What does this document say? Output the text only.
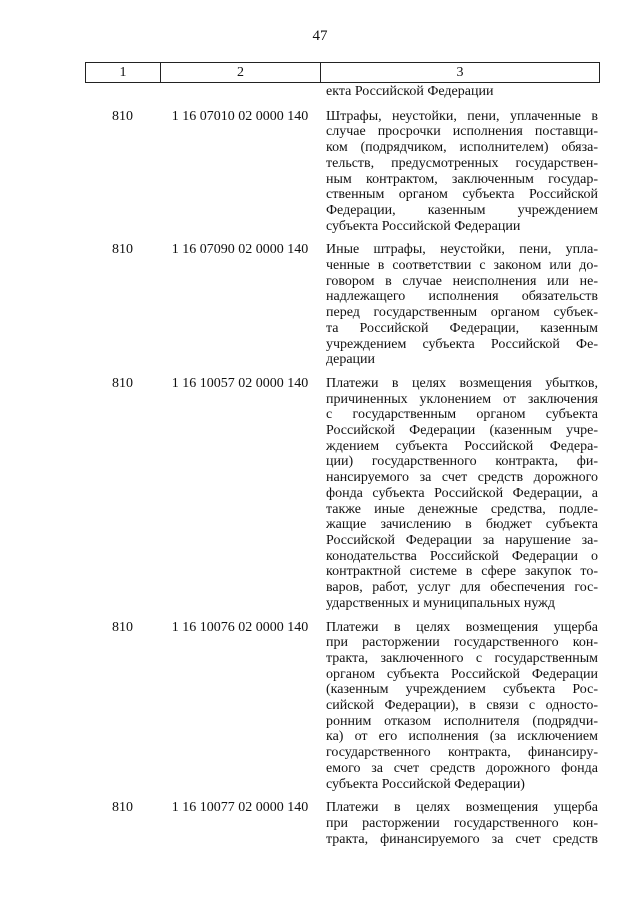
47
1	2	3
екта Российской Федерации
810	1 16 07010 02 0000 140	Штрафы, неустойки, пени, уплаченные в
случае просрочки исполнения поставщи-
ком (подрядчиком, исполнителем) обяза-
тельств, предусмотренных государствен-
ным контрактом, заключенным государ-
ственным органом субъекта Российской
Федерации, казенным учреждением
субъекта Российской Федерации
810	1 16 07090 02 0000 140	Иные штрафы, неустойки, пени, упла-
ченные в соответствии с законом или до-
говором в случае неисполнения или не-
надлежащего исполнения обязательств
перед государственным органом субъек-
та Российской Федерации, казенным
учреждением субъекта Российской Фе-
дерации
810	1 16 10057 02 0000 140	Платежи в целях возмещения убытков,
причиненных уклонением от заключения
с государственным органом субъекта
Российской Федерации (казенным учре-
ждением субъекта Российской Федера-
ции) государственного контракта, фи-
нансируемого за счет средств дорожного
фонда субъекта Российской Федерации, а
также иные денежные средства, подле-
жащие зачислению в бюджет субъекта
Российской Федерации за нарушение за-
конодательства Российской Федерации о
контрактной системе в сфере закупок то-
варов, работ, услуг для обеспечения гос-
ударственных и муниципальных нужд
810	1 16 10076 02 0000 140	Платежи в целях возмещения ущерба
при расторжении государственного кон-
тракта, заключенного с государственным
органом субъекта Российской Федерации
(казенным учреждением субъекта Рос-
сийской Федерации), в связи с односто-
ронним отказом исполнителя (подрядчи-
ка) от его исполнения (за исключением
государственного контракта, финансиру-
емого за счет средств дорожного фонда
субъекта Российской Федерации)
810	1 16 10077 02 0000 140	Платежи в целях возмещения ущерба
при расторжении государственного кон-
тракта, финансируемого за счет средств
